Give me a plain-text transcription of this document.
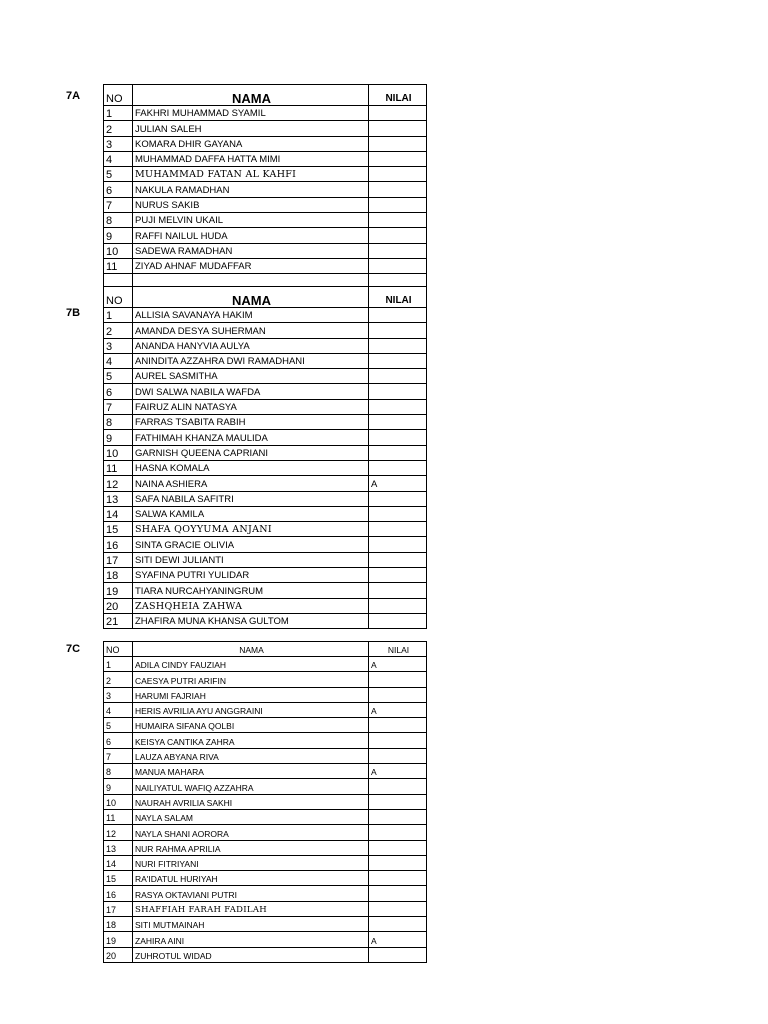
7A
7B
7C
NO	NAMA	NILAI
1	FAKHRI MUHAMMAD SYAMIL	
2	JULIAN SALEH	
3	KOMARA DHIR GAYANA	
4	MUHAMMAD DAFFA HATTA MIMI	
5	MUHAMMAD FATAN AL KAHFI	
6	NAKULA RAMADHAN	
7	NURUS SAKIB	
8	PUJI MELVIN UKAIL	
9	RAFFI NAILUL HUDA	
10	SADEWA RAMADHAN	
11	ZIYAD AHNAF MUDAFFAR	

NO	NAMA	NILAI
1	ALLISIA SAVANAYA HAKIM	
2	AMANDA DESYA SUHERMAN	
3	ANANDA HANYVIA AULYA	
4	ANINDITA AZZAHRA DWI RAMADHANI	
5	AUREL SASMITHA	
6	DWI SALWA NABILA WAFDA	
7	FAIRUZ ALIN NATASYA	
8	FARRAS TSABITA RABIH	
9	FATHIMAH KHANZA MAULIDA	
10	GARNISH QUEENA CAPRIANI	
11	HASNA KOMALA	
12	NAINA ASHIERA	A
13	SAFA NABILA SAFITRI	
14	SALWA KAMILA	
15	SHAFA QOYYUMA ANJANI	
16	SINTA GRACIE OLIVIA	
17	SITI DEWI JULIANTI	
18	SYAFINA PUTRI YULIDAR	
19	TIARA NURCAHYANINGRUM	
20	ZASHQHEIA ZAHWA	
21	ZHAFIRA MUNA KHANSA GULTOM	
NO	NAMA	NILAI
1	ADILA CINDY FAUZIAH	A
2	CAESYA PUTRI ARIFIN	
3	HARUMI FAJRIAH	
4	HERIS AVRILIA AYU ANGGRAINI	A
5	HUMAIRA SIFANA QOLBI	
6	KEISYA CANTIKA ZAHRA	
7	LAUZA ABYANA RIVA	
8	MANUA MAHARA	A
9	NAILIYATUL WAFIQ AZZAHRA	
10	NAURAH AVRILIA SAKHI	
11	NAYLA SALAM	
12	NAYLA SHANI AORORA	
13	NUR RAHMA APRILIA	
14	NURI FITRIYANI	
15	RA'IDATUL HURIYAH	
16	RASYA OKTAVIANI PUTRI	
17	SHAFFIAH FARAH FADILAH	
18	SITI MUTMAINAH	
19	ZAHIRA AINI	A
20	ZUHROTUL WIDAD	
